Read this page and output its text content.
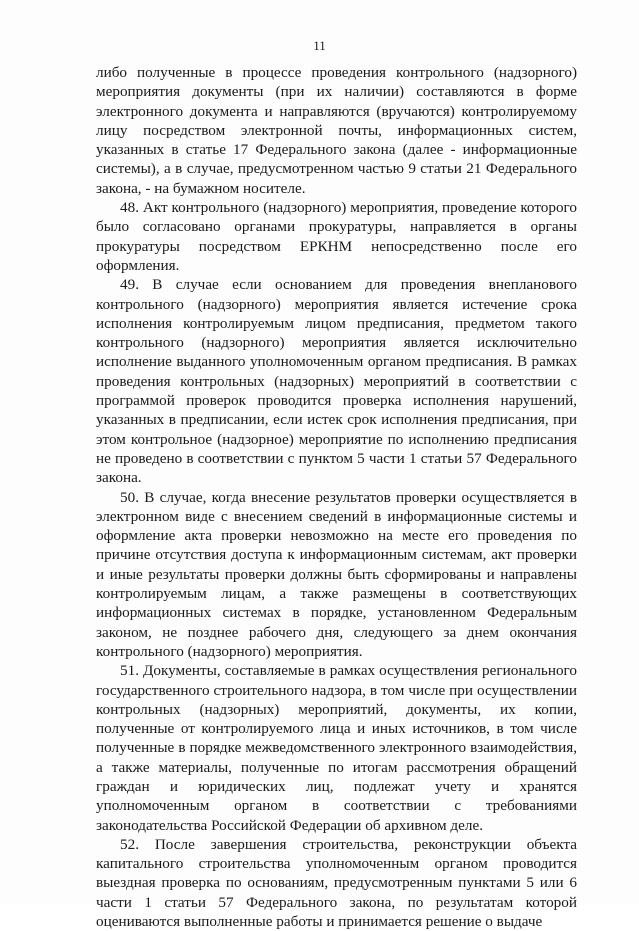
11

либо полученные в процессе проведения контрольного (надзорного) мероприятия документы (при их наличии) составляются в форме электронного документа и направляются (вручаются) контролируемому лицу посредством электронной почты, информационных систем, указанных в статье 17 Федерального закона (далее - информационные системы), а в случае, предусмотренном частью 9 статьи 21 Федерального закона, - на бумажном носителе.

48. Акт контрольного (надзорного) мероприятия, проведение которого было согласовано органами прокуратуры, направляется в органы прокуратуры посредством ЕРКНМ непосредственно после его оформления.

49. В случае если основанием для проведения внепланового контрольного (надзорного) мероприятия является истечение срока исполнения контролируемым лицом предписания, предметом такого контрольного (надзорного) мероприятия является исключительно исполнение выданного уполномоченным органом предписания. В рамках проведения контрольных (надзорных) мероприятий в соответствии с программой проверок проводится проверка исполнения нарушений, указанных в предписании, если истек срок исполнения предписания, при этом контрольное (надзорное) мероприятие по исполнению предписания не проведено в соответствии с пунктом 5 части 1 статьи 57 Федерального закона.

50. В случае, когда внесение результатов проверки осуществляется в электронном виде с внесением сведений в информационные системы и оформление акта проверки невозможно на месте его проведения по причине отсутствия доступа к информационным системам, акт проверки и иные результаты проверки должны быть сформированы и направлены контролируемым лицам, а также размещены в соответствующих информационных системах в порядке, установленном Федеральным законом, не позднее рабочего дня, следующего за днем окончания контрольного (надзорного) мероприятия.

51. Документы, составляемые в рамках осуществления регионального государственного строительного надзора, в том числе при осуществлении контрольных (надзорных) мероприятий, документы, их копии, полученные от контролируемого лица и иных источников, в том числе полученные в порядке межведомственного электронного взаимодействия, а также материалы, полученные по итогам рассмотрения обращений граждан и юридических лиц, подлежат учету и хранятся уполномоченным органом в соответствии с требованиями законодательства Российской Федерации об архивном деле.

52. После завершения строительства, реконструкции объекта капитального строительства уполномоченным органом проводится выездная проверка по основаниям, предусмотренным пунктами 5 или 6 части 1 статьи 57 Федерального закона, по результатам которой оцениваются выполненные работы и принимается решение о выдаче
